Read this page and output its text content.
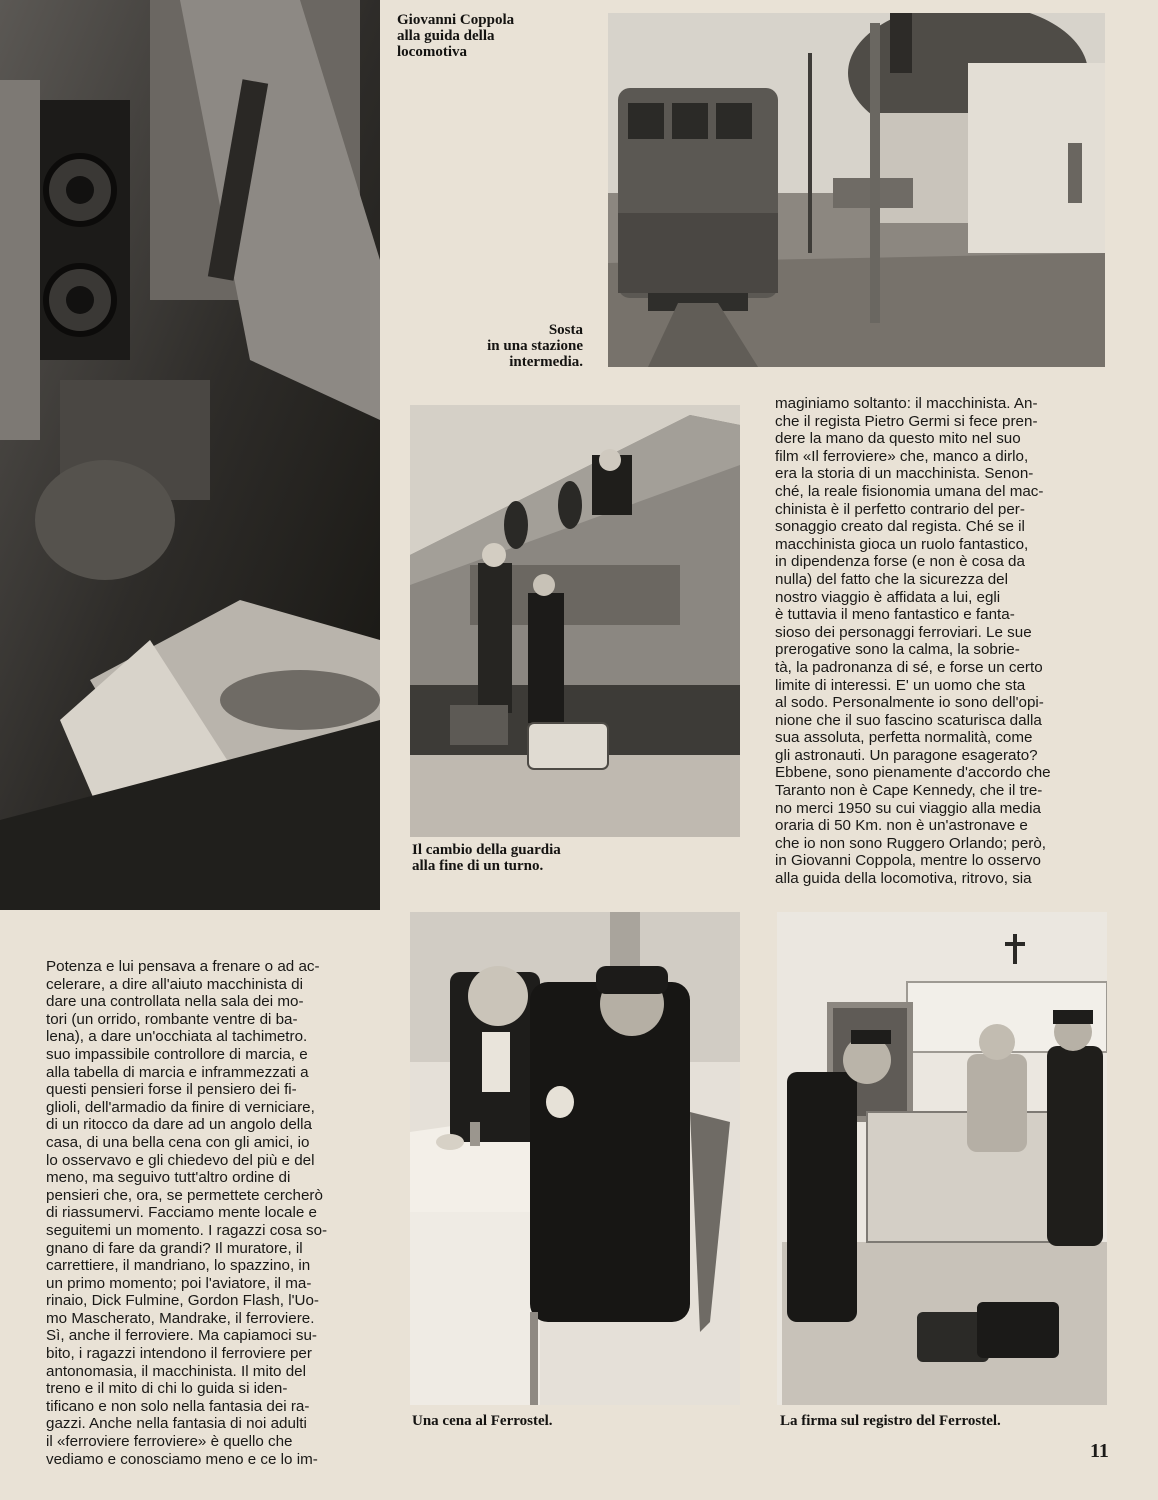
Giovanni Coppola
alla guida della
locomotiva
Sosta
in una stazione
intermedia.
Il cambio della guardia
alla fine di un turno.
Una cena al Ferrostel.	La firma sul registro del Ferrostel.
Potenza e lui pensava a frenare o ad ac-
celerare, a dire all'aiuto macchinista di
dare una controllata nella sala dei mo-
tori (un orrido, rombante ventre di ba-
lena), a dare un'occhiata al tachimetro.
suo impassibile controllore di marcia, e
alla tabella di marcia e inframmezzati a
questi pensieri forse il pensiero dei fi-
glioli, dell'armadio da finire di verniciare,
di un ritocco da dare ad un angolo della
casa, di una bella cena con gli amici, io
lo osservavo e gli chiedevo del più e del
meno, ma seguivo tutt'altro ordine di
pensieri che, ora, se permettete cercherò
di riassumervi. Facciamo mente locale e
seguitemi un momento. I ragazzi cosa so-
gnano di fare da grandi? Il muratore, il
carrettiere, il mandriano, lo spazzino, in
un primo momento; poi l'aviatore, il ma-
rinaio, Dick Fulmine, Gordon Flash, l'Uo-
mo Mascherato, Mandrake, il ferroviere.
Sì, anche il ferroviere. Ma capiamoci su-
bito, i ragazzi intendono il ferroviere per
antonomasia, il macchinista. Il mito del
treno e il mito di chi lo guida si iden-
tificano e non solo nella fantasia dei ra-
gazzi. Anche nella fantasia di noi adulti
il «ferroviere ferroviere» è quello che
vediamo e conosciamo meno e ce lo im-
maginiamo soltanto: il macchinista. An-
che il regista Pietro Germi si fece pren-
dere la mano da questo mito nel suo
film «Il ferroviere» che, manco a dirlo,
era la storia di un macchinista. Senon-
ché, la reale fisionomia umana del mac-
chinista è il perfetto contrario del per-
sonaggio creato dal regista. Ché se il
macchinista gioca un ruolo fantastico,
in dipendenza forse (e non è cosa da
nulla) del fatto che la sicurezza del
nostro viaggio è affidata a lui, egli
è tuttavia il meno fantastico e fanta-
sioso dei personaggi ferroviari. Le sue
prerogative sono la calma, la sobrie-
tà, la padronanza di sé, e forse un certo
limite di interessi. E' un uomo che sta
al sodo. Personalmente io sono dell'opi-
nione che il suo fascino scaturisca dalla
sua assoluta, perfetta normalità, come
gli astronauti. Un paragone esagerato?
Ebbene, sono pienamente d'accordo che
Taranto non è Cape Kennedy, che il tre-
no merci 1950 su cui viaggio alla media
oraria di 50 Km. non è un'astronave e
che io non sono Ruggero Orlando; però,
in Giovanni Coppola, mentre lo osservo
alla guida della locomotiva, ritrovo, sia
11
